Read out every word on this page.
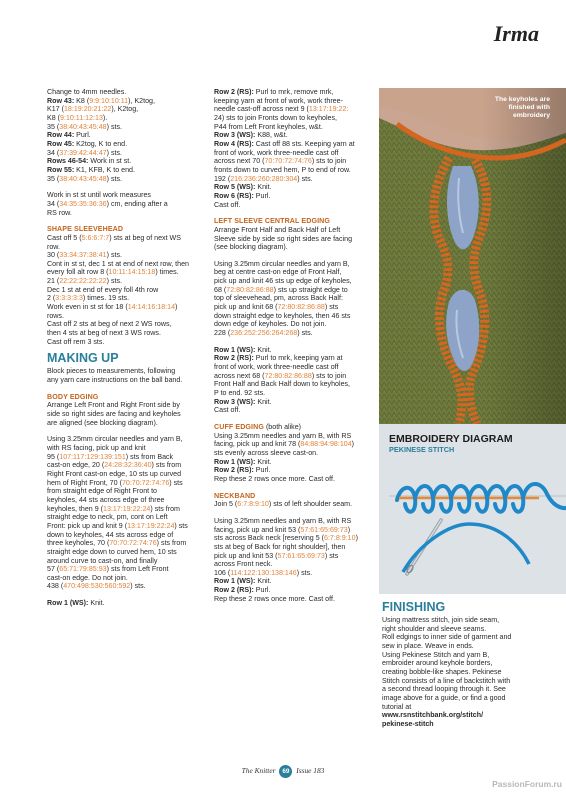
Irma
Change to 4mm needles.
Row 43: K8 (9:9:10:10:11), K2tog,
K17 (18:19:20:21:22), K2tog,
K8 (9:10:11:12:13).
35 (38:40:43:45:48) sts.
Row 44: Purl.
Row 45: K2tog, K to end.
34 (37:39:42:44:47) sts.
Rows 46-54: Work in st st.
Row 55: K1, KFB, K to end.
35 (38:40:43:45:48) sts.
Work in st st until work measures
34 (34:35:35:36:36) cm, ending after a
RS row.
SHAPE SLEEVEHEAD
Cast off 5 (5:6:6:7:7) sts at beg of next WS
row.
30 (33:34:37:38:41) sts.
Cont in st st, dec 1 st at end of next row, then
every foll alt row 8 (10:11:14:15:18) times.
21 (22:22:22:22:22) sts.
Dec 1 st at end of every foll 4th row
2 (3:3:3:3:3) times. 19 sts.
Work even in st st for 18 (14:14:16:18:14)
rows.
Cast off 2 sts at beg of next 2 WS rows,
then 4 sts at beg of next 3 WS rows.
Cast off rem 3 sts.
MAKING UP
Block pieces to measurements, following
any yarn care instructions on the ball band.
BODY EDGING
Arrange Left Front and Right Front side by
side so right sides are facing and keyholes
are aligned (see blocking diagram).
Using 3.25mm circular needles and yarn B,
with RS facing, pick up and knit
95 (107:117:129:139:151) sts from Back
cast-on edge, 20 (24:28:32:36:40) sts from
Right Front cast-on edge, 10 sts up curved
hem of Right Front, 70 (70:70:72:74:76) sts
from straight edge of Right Front to
keyholes, 44 sts across edge of three
keyholes, then 9 (13:17:19:22:24) sts from
straight edge to neck, pm, cont on Left
Front: pick up and knit 9 (13:17:19:22:24) sts
down to keyholes, 44 sts across edge of
three keyholes, 70 (70:70:72:74:76) sts from
straight edge down to curved hem, 10 sts
around curve to cast-on, and finally
57 (65:71:79:85:93) sts from Left Front
cast-on edge. Do not join.
438 (470:498:530:560:592) sts.
Row 1 (WS): Knit.
Row 2 (RS): Purl to mrk, remove mrk,
keeping yarn at front of work, work three-
needle cast-off across next 9 (13:17:19:22:
24) sts to join Fronts down to keyholes,
P44 from Left Front keyholes, w&t.
Row 3 (WS): K88, w&t.
Row 4 (RS): Cast off 88 sts. Keeping yarn at
front of work, work three-needle cast off
across next 70 (70:70:72:74:76) sts to join
fronts down to curved hem, P to end of row.
192 (216:236:260:280:304) sts.
Row 5 (WS): Knit.
Row 6 (RS): Purl.
Cast off.
LEFT SLEEVE CENTRAL EDGING
Arrange Front Half and Back Half of Left
Sleeve side by side so right sides are facing
(see blocking diagram).
Using 3.25mm circular needles and yarn B,
beg at centre cast-on edge of Front Half,
pick up and knit 46 sts up edge of keyholes,
68 (72:80:82:86:88) sts up straight edge to
top of sleevehead, pm, across Back Half:
pick up and knit 68 (72:80:82:86:88) sts
down straight edge to keyholes, then 46 sts
down edge of keyholes. Do not join.
228 (236:252:256:264:268) sts.
Row 1 (WS): Knit.
Row 2 (RS): Purl to mrk, keeping yarn at
front of work, work three-needle cast off
across next 68 (72:80:82:86:88) sts to join
Front Half and Back Half down to keyholes,
P to end. 92 sts.
Row 3 (WS): Knit.
Cast off.
CUFF EDGING (both alike)
Using 3.25mm needles and yarn B, with RS
facing, pick up and knit 78 (84:88:94:98:104)
sts evenly across sleeve cast-on.
Row 1 (WS): Knit.
Row 2 (RS): Purl.
Rep these 2 rows once more. Cast off.
NECKBAND
Join 5 (6:7:8:9:10) sts of left shoulder seam.
Using 3.25mm needles and yarn B, with RS
facing, pick up and knit 53 (57:61:65:69:73)
sts across Back neck [reserving 5 (6:7:8:9:10)
sts at beg of Back for right shoulder], then
pick up and knit 53 (57:61:65:69:73) sts
across Front neck.
106 (114:122:130:138:146) sts.
Row 1 (WS): Knit.
Row 2 (RS): Purl.
Rep these 2 rows once more. Cast off.
The keyholes are finished with embroidery
EMBROIDERY DIAGRAM
PEKINESE STITCH
FINISHING
Using mattress stitch, join side seam,
right shoulder and sleeve seams.
Roll edgings to inner side of garment and
sew in place. Weave in ends.
Using Pekinese Stitch and yarn B,
embroider around keyhole borders,
creating bobble-like shapes. Pekinese
Stitch consists of a line of backstitch with
a second thread looping through it. See
image above for a guide, or find a good
tutorial at
www.rsnstitchbank.org/stitch/
pekinese-stitch
The Knitter 69 Issue 183
PassionForum.ru
